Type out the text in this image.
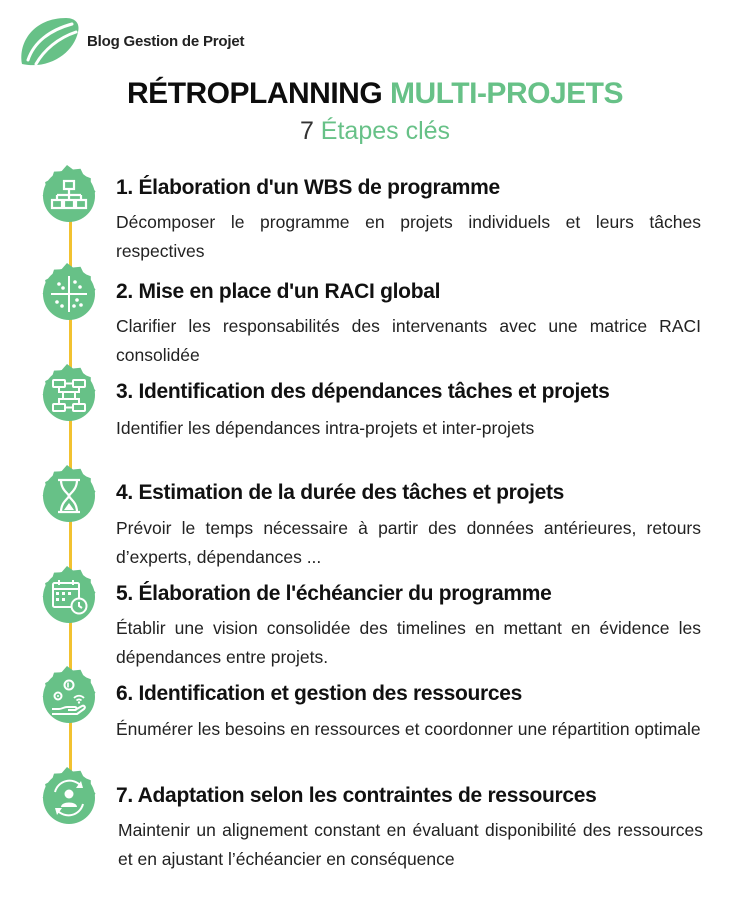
Blog Gestion de Projet
RÉTROPLANNING MULTI-PROJETS
7 Étapes clés
1. Élaboration d'un WBS de programme
Décomposer le programme en projets individuels et leurs tâches respectives
2. Mise en place d'un RACI global
Clarifier les responsabilités des intervenants avec une matrice RACI consolidée
3. Identification des dépendances tâches et projets
Identifier les dépendances intra-projets et inter-projets
4. Estimation de la durée des tâches et projets
Prévoir le temps nécessaire à partir des données antérieures, retours d’experts, dépendances ...
5. Élaboration de l'échéancier du programme
Établir une vision consolidée des timelines en mettant en évidence les dépendances entre projets.
6. Identification et gestion des ressources
Énumérer les besoins en ressources et coordonner une répartition optimale
7. Adaptation selon les contraintes de ressources
Maintenir un alignement constant en évaluant disponibilité des ressources et en ajustant l’échéancier en conséquence
